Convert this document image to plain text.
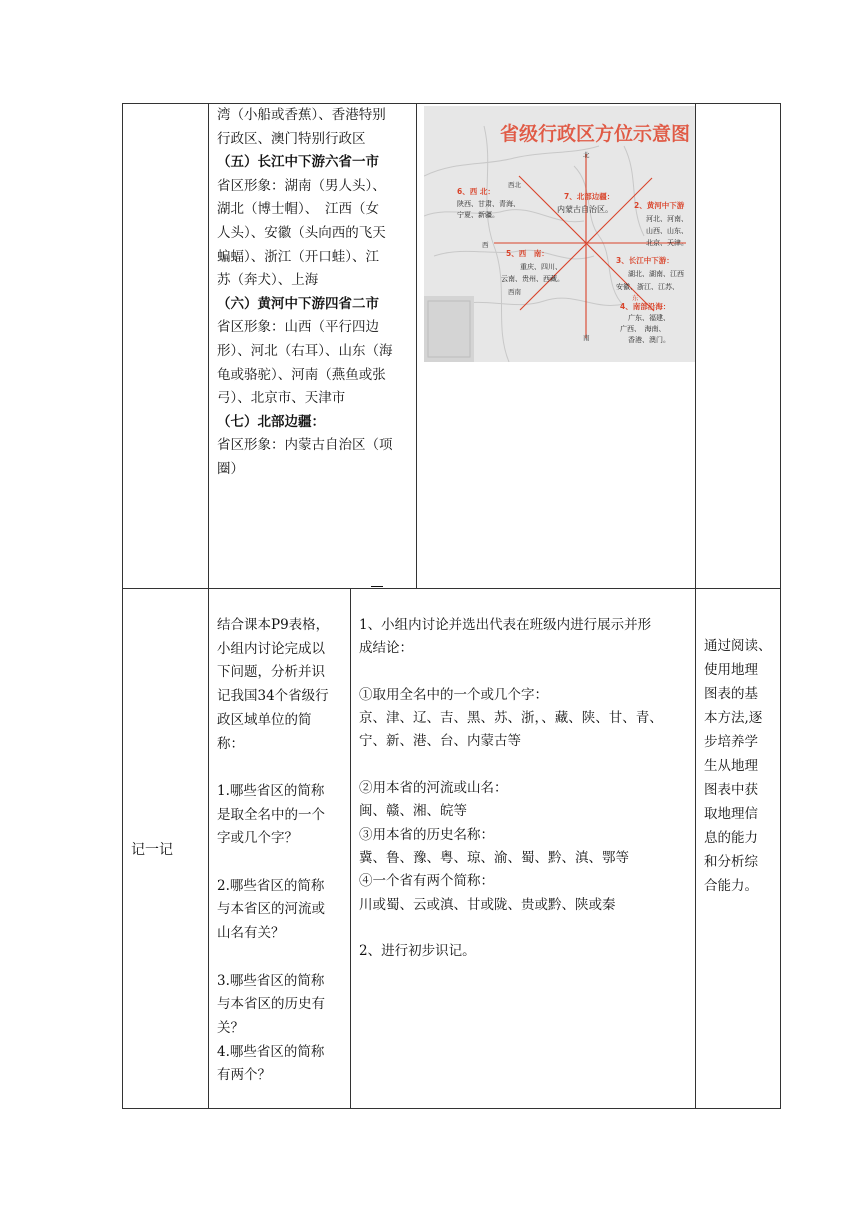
湾（小船或香蕉）、香港特别
行政区、澳门特别行政区
（五）长江中下游六省一市
省区形象：湖南（男人头）、
湖北（博士帽）、　江西（女
人头）、安徽（头向西的飞天
蝙蝠）、浙江（开口蛙）、江
苏（奔犬）、上海
（六）黄河中下游四省二市
省区形象：山西（平行四边
形）、河北（右耳）、山东（海
龟或骆驼）、河南（燕鱼或张
弓）、北京市、天津市
（七）北部边疆：
省区形象：内蒙古自治区（项
圈）
省级行政区方位示意图
北
南
西
东
西北
6、西 北：
陕西、甘肃、青海、
宁夏、新疆。
7、北部边疆：
内蒙古自治区。	2、黄河中下游
河北、河南、
山西、山东、
北京、天津。
5、西　南：
重庆、四川、
云南、贵州、西藏。
西南
3、长江中下游：
湖北、湖南、江西
安徽、浙江、江苏、
4、南部沿海：
广东、福建、
广西、　海南、
香港、澳门。
记一记
结合课本P9表格，
小组内讨论完成以
下问题，分析并识
记我国34个省级行
政区域单位的简
称：
1.哪些省区的简称
是取全名中的一个
字或几个字？
2.哪些省区的简称
与本省区的河流或
山名有关？
3.哪些省区的简称
与本省区的历史有
关？
4.哪些省区的简称
有两个？
1、小组内讨论并选出代表在班级内进行展示并形
成结论：
①取用全名中的一个或几个字：
京、津、辽、吉、黑、苏、浙，、藏、陕、甘、青、
宁、新、港、台、内蒙古等
②用本省的河流或山名：
闽、赣、湘、皖等
③用本省的历史名称：
冀、鲁、豫、粤、琼、渝、蜀、黔、滇、鄂等
④一个省有两个简称：
川或蜀、云或滇、甘或陇、贵或黔、陕或秦
2、进行初步识记。
通过阅读、
使用地理
图表的基
本方法,逐
步培养学
生从地理
图表中获
取地理信
息的能力
和分析综
合能力。
